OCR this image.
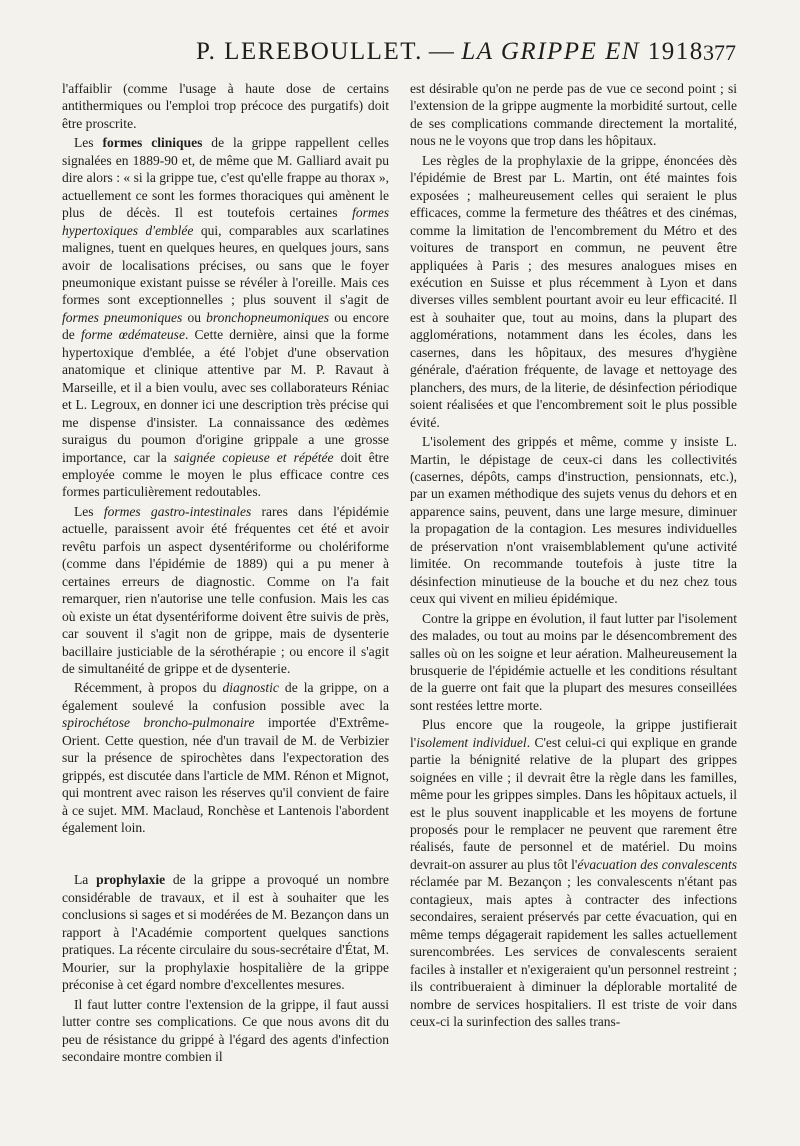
P. LEREBOULLET. — LA GRIPPE EN 1918 377

l'affaiblir (comme l'usage à haute dose de certains antithermiques ou l'emploi trop précoce des purgatifs) doit être proscrite.

Les formes cliniques de la grippe rappellent celles signalées en 1889-90 et, de même que M. Galliard avait pu dire alors : « si la grippe tue, c'est qu'elle frappe au thorax », actuellement ce sont les formes thoraciques qui amènent le plus de décès. Il est toutefois certaines formes hypertoxiques d'emblée qui, comparables aux scarlatines malignes, tuent en quelques heures, en quelques jours, sans avoir de localisations précises, ou sans que le foyer pneumonique existant puisse se révéler à l'oreille. Mais ces formes sont exceptionnelles ; plus souvent il s'agit de formes pneumoniques ou bronchopneumoniques ou encore de forme œdémateuse. Cette dernière, ainsi que la forme hypertoxique d'emblée, a été l'objet d'une observation anatomique et clinique attentive par M. P. Ravaut à Marseille, et il a bien voulu, avec ses collaborateurs Réniac et L. Legroux, en donner ici une description très précise qui me dispense d'insister. La connaissance des œdèmes suraigus du poumon d'origine grippale a une grosse importance, car la saignée copieuse et répétée doit être employée comme le moyen le plus efficace contre ces formes particulièrement redoutables.

Les formes gastro-intestinales rares dans l'épidémie actuelle, paraissent avoir été fréquentes cet été et avoir revêtu parfois un aspect dysentériforme ou cholériforme (comme dans l'épidémie de 1889) qui a pu mener à certaines erreurs de diagnostic. Comme on l'a fait remarquer, rien n'autorise une telle confusion. Mais les cas où existe un état dysentériforme doivent être suivis de près, car souvent il s'agit non de grippe, mais de dysenterie bacillaire justiciable de la sérothérapie ; ou encore il s'agit de simultanéité de grippe et de dysenterie.

Récemment, à propos du diagnostic de la grippe, on a également soulevé la confusion possible avec la spirochétose broncho-pulmonaire importée d'Extrême-Orient. Cette question, née d'un travail de M. de Verbizier sur la présence de spirochètes dans l'expectoration des grippés, est discutée dans l'article de MM. Rénon et Mignot, qui montrent avec raison les réserves qu'il convient de faire à ce sujet. MM. Maclaud, Ronchèse et Lantenois l'abordent également loin.

La prophylaxie de la grippe a provoqué un nombre considérable de travaux, et il est à souhaiter que les conclusions si sages et si modérées de M. Bezançon dans un rapport à l'Académie comportent quelques sanctions pratiques. La récente circulaire du sous-secrétaire d'État, M. Mourier, sur la prophylaxie hospitalière de la grippe préconise à cet égard nombre d'excellentes mesures.

Il faut lutter contre l'extension de la grippe, il faut aussi lutter contre ses complications. Ce que nous avons dit du peu de résistance du grippé à l'égard des agents d'infection secondaire montre combien il

est désirable qu'on ne perde pas de vue ce second point ; si l'extension de la grippe augmente la morbidité surtout, celle de ses complications commande directement la mortalité, nous ne le voyons que trop dans les hôpitaux.

Les règles de la prophylaxie de la grippe, énoncées dès l'épidémie de Brest par L. Martin, ont été maintes fois exposées ; malheureusement celles qui seraient le plus efficaces, comme la fermeture des théâtres et des cinémas, comme la limitation de l'encombrement du Métro et des voitures de transport en commun, ne peuvent être appliquées à Paris ; des mesures analogues mises en exécution en Suisse et plus récemment à Lyon et dans diverses villes semblent pourtant avoir eu leur efficacité. Il est à souhaiter que, tout au moins, dans la plupart des agglomérations, notamment dans les écoles, dans les casernes, dans les hôpitaux, des mesures d'hygiène générale, d'aération fréquente, de lavage et nettoyage des planchers, des murs, de la literie, de désinfection périodique soient réalisées et que l'encombrement soit le plus possible évité.

L'isolement des grippés et même, comme y insiste L. Martin, le dépistage de ceux-ci dans les collectivités (casernes, dépôts, camps d'instruction, pensionnats, etc.), par un examen méthodique des sujets venus du dehors et en apparence sains, peuvent, dans une large mesure, diminuer la propagation de la contagion. Les mesures individuelles de préservation n'ont vraisemblablement qu'une activité limitée. On recommande toutefois à juste titre la désinfection minutieuse de la bouche et du nez chez tous ceux qui vivent en milieu épidémique.

Contre la grippe en évolution, il faut lutter par l'isolement des malades, ou tout au moins par le désencombrement des salles où on les soigne et leur aération. Malheureusement la brusquerie de l'épidémie actuelle et les conditions résultant de la guerre ont fait que la plupart des mesures conseillées sont restées lettre morte.

Plus encore que la rougeole, la grippe justifierait l'isolement individuel. C'est celui-ci qui explique en grande partie la bénignité relative de la plupart des grippes soignées en ville ; il devrait être la règle dans les familles, même pour les grippes simples. Dans les hôpitaux actuels, il est le plus souvent inapplicable et les moyens de fortune proposés pour le remplacer ne peuvent que rarement être réalisés, faute de personnel et de matériel. Du moins devrait-on assurer au plus tôt l'évacuation des convalescents réclamée par M. Bezançon ; les convalescents n'étant pas contagieux, mais aptes à contracter des infections secondaires, seraient préservés par cette évacuation, qui en même temps dégagerait rapidement les salles actuellement surencombrées. Les services de convalescents seraient faciles à installer et n'exigeraient qu'un personnel restreint ; ils contribueraient à diminuer la déplorable mortalité de nombre de services hospitaliers. Il est triste de voir dans ceux-ci la surinfection des salles trans-
